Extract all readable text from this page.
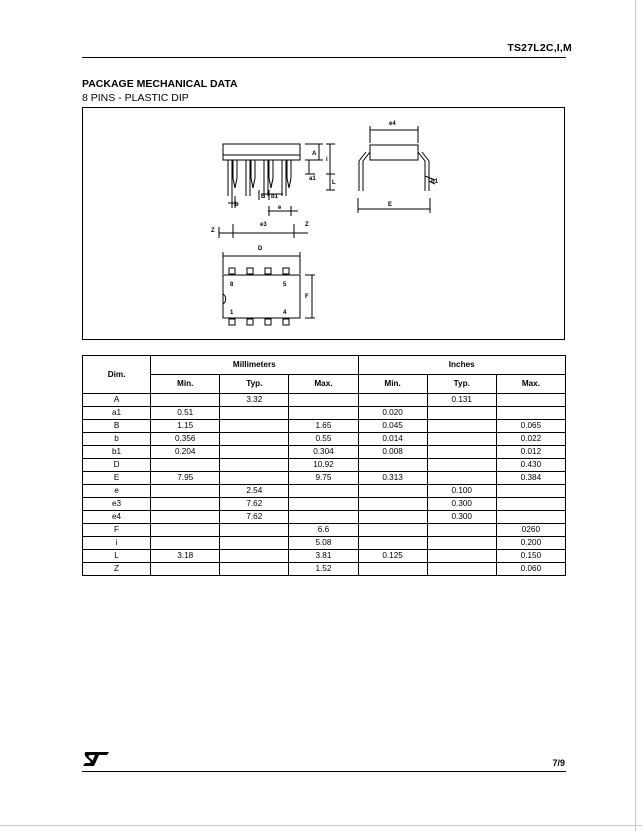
TS27L2C,I,M
PACKAGE MECHANICAL DATA
8 PINS - PLASTIC DIP
A
i
a1
L
b
B b1
e
e3
Z
Z
D
F
e4
E
b1
8	5
1	4
Dim.	Millimeters			Inches		
	Min.	Typ.	Max.	Min.	Typ.	Max.
A		3.32			0.131	
a1	0.51			0.020		
B	1.15		1.65	0.045		0.065
b	0.356		0.55	0.014		0.022
b1	0.204		0.304	0.008		0.012
D			10.92			0.430
E	7.95		9.75	0.313		0.384
e		2.54			0.100	
e3		7.62			0.300	
e4		7.62			0.300	
F			6.6			0260
i			5.08			0.200
L	3.18		3.81	0.125		0.150
Z			1.52			0.060
7/9
